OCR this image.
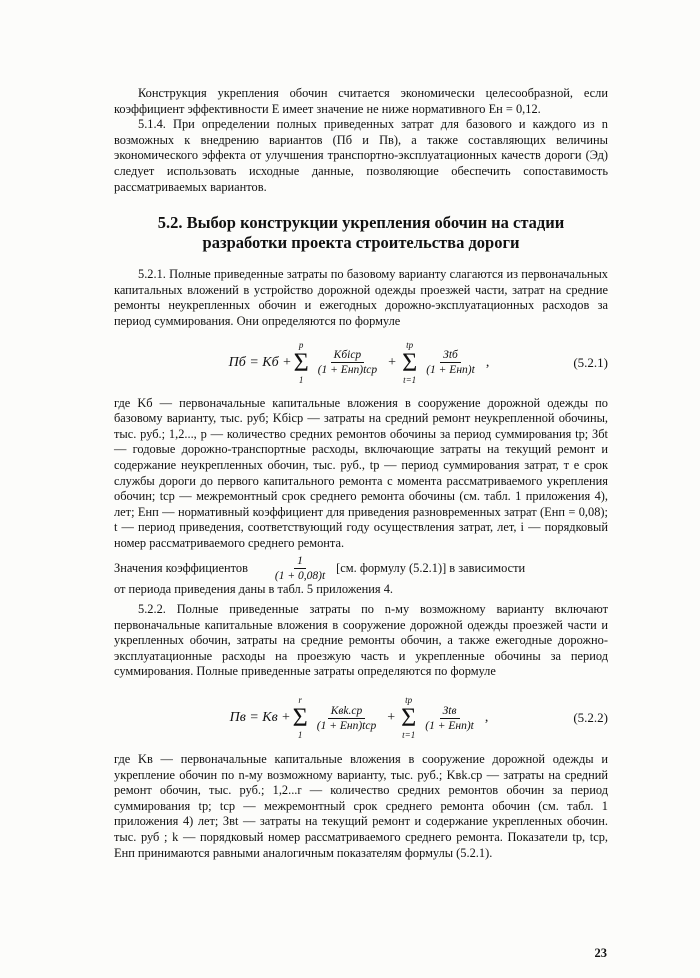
Конструкция укрепления обочин считается экономически целесообразной, если коэффициент эффективности E имеет значение не ниже нормативного Eн = 0,12.

5.1.4. При определении полных приведенных затрат для базового и каждого из n возможных к внедрению вариантов (Пб и Пв), а также составляющих величины экономического эффекта от улучшения транспортно-эксплуатационных качеств дороги (Эд) следует использовать исходные данные, позволяющие обеспечить сопоставимость рассматриваемых вариантов.

5.2. Выбор конструкции укрепления обочин на стадии разработки проекта строительства дороги

5.2.1. Полные приведенные затраты по базовому варианту слагаются из первоначальных капитальных вложений в устройство дорожной одежды проезжей части, затрат на средние ремонты неукрепленных обочин и ежегодных дорожно-эксплуатационных расходов за период суммирования. Они определяются по формуле

Пб = Кб +
p
Σ
1
$\frac{\text{Kбiср}}{\text{(1 + Eнп)tср}}$ +
tр
Σ
t=1
$\frac{\text{Зtб}}{\text{(1 + Eнп)t}}$ ,	(5.2.1)

где Kб — первоначальные капитальные вложения в сооружение дорожной одежды по базовому варианту, тыс. руб; Kбiср — затраты на средний ремонт неукрепленной обочины, тыс. руб.; 1,2..., p — количество средних ремонтов обочины за период суммирования tр; Збt — годовые дорожно-транспортные расходы, включающие затраты на текущий ремонт и содержание неукрепленных обочин, тыс. руб., tр — период суммирования затрат, т е срок службы дороги до первого капитального ремонта с момента рассматриваемого укрепления обочин; tср — межремонтный срок среднего ремонта обочины (см. табл. 1 приложения 4), лет; Eнп — нормативный коэффициент для приведения разновременных затрат (Eнп = 0,08); t — период приведения, соответствующий году осуществления затрат, лет, i — порядковый номер рассматриваемого среднего ремонта.

Значения коэффициентов $\frac{1}{(1 + 0,08)t} [см$. формулу (5.2.1)] в зависимости

от периода приведения даны в табл. 5 приложения 4.

5.2.2. Полные приведенные затраты по n-му возможному варианту включают первоначальные капитальные вложения в сооружение дорожной одежды проезжей части и укрепленных обочин, затраты на средние ремонты обочин, а также ежегодные дорожно-эксплуатационные расходы на проезжую часть и укрепленные обочины за период суммирования. Полные приведенные затраты определяются по формуле

Пв = Кв +
r
Σ
1
$\frac{\text{Kвk.ср}}{\text{(1 + Eнп)tср}}$ +
tр
Σ
t=1
$\frac{\text{Зtв}}{\text{(1 + Eнп)t}}$ ,	(5.2.2)

где Kв — первоначальные капитальные вложения в сооружение дорожной одежды и укрепление обочин по n-му возможному варианту, тыс. руб.; Kвk.ср — затраты на средний ремонт обочин, тыс. руб.; 1,2...r — количество средних ремонтов обочин за период суммирования tр; tср — межремонтный срок среднего ремонта обочин (см. табл. 1 приложения 4) лет; Звt — затраты на текущий ремонт и содержание укрепленных обочин. тыс. руб ; k — порядковый номер рассматриваемого среднего ремонта. Показатели tр, tср, Eнп принимаются равными аналогичным показателям формулы (5.2.1).

23
